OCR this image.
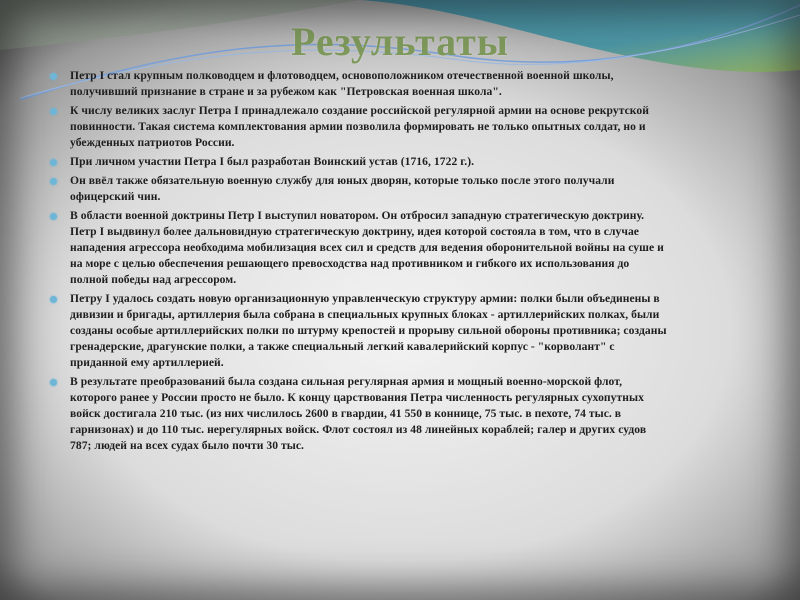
Результаты
Петр I стал крупным полководцем и флотоводцем, основоположником отечественной военной школы,
получивший признание в стране и за рубежом как "Петровская военная школа".
К числу великих заслуг Петра I принадлежало создание российской регулярной армии на основе рекрутской
повинности. Такая система комплектования армии позволила формировать не только опытных солдат, но и
убежденных патриотов России.
При личном участии Петра I был разработан Воинский устав (1716, 1722 г.).
Он ввёл также обязательную военную службу для юных дворян, которые только после этого получали
офицерский чин.
В области военной доктрины Петр I выступил новатором. Он отбросил западную стратегическую доктрину.
Петр I выдвинул более дальновидную стратегическую доктрину, идея которой состояла в том, что в случае
нападения агрессора необходима мобилизация всех сил и средств для ведения оборонительной войны на суше и
на море с целью обеспечения решающего превосходства над противником и гибкого их использования до
полной победы над агрессором.
Петру I удалось создать новую организационную управленческую структуру армии: полки были объединены в
дивизии и бригады, артиллерия была собрана в специальных крупных блоках - артиллерийских полках, были
созданы особые артиллерийских полки по штурму крепостей и прорыву сильной обороны противника; созданы
гренадерские, драгунские полки, а также специальный легкий кавалерийский корпус - "корволант" с
приданной ему артиллерией.
В результате преобразований была создана сильная регулярная армия и мощный военно-морской флот,
которого ранее у России просто не было. К концу царствования Петра численность регулярных сухопутных
войск достигала 210 тыс. (из них числилось 2600 в гвардии, 41 550 в коннице, 75 тыс. в пехоте, 74 тыс. в
гарнизонах) и до 110 тыс. нерегулярных войск. Флот состоял из 48 линейных кораблей; галер и других судов
787; людей на всех судах было почти 30 тыс.
